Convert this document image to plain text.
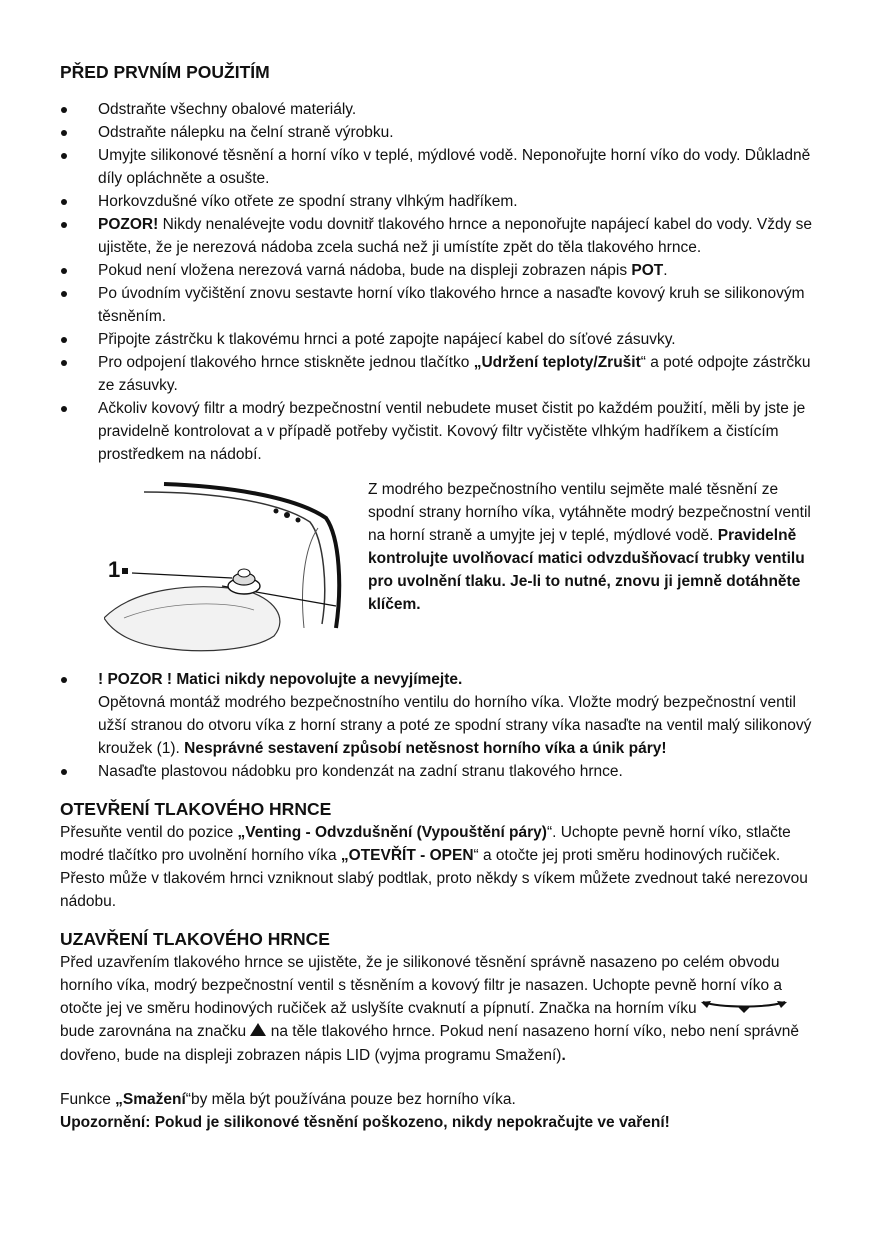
PŘED PRVNÍM POUŽITÍM
Odstraňte všechny obalové materiály.
Odstraňte nálepku na čelní straně výrobku.
Umyjte silikonové těsnění a horní víko v teplé, mýdlové vodě. Neponořujte horní víko do vody. Důkladně díly opláchněte a osušte.
Horkovzdušné víko otřete ze spodní strany vlhkým hadříkem.
POZOR! Nikdy nenalévejte vodu dovnitř tlakového hrnce a neponořujte napájecí kabel do vody. Vždy se ujistěte, že je nerezová nádoba zcela suchá než ji umístíte zpět do těla tlakového hrnce.
Pokud není vložena nerezová varná nádoba, bude na displeji zobrazen nápis POT.
Po úvodním vyčištění znovu sestavte horní víko tlakového hrnce a nasaďte kovový kruh se silikonovým těsněním.
Připojte zástrčku k tlakovému hrnci a poté zapojte napájecí kabel do síťové zásuvky.
Pro odpojení tlakového hrnce stiskněte jednou tlačítko „Udržení teploty/Zrušit“ a poté odpojte zástrčku ze zásuvky.
Ačkoliv kovový filtr a modrý bezpečnostní ventil nebudete muset čistit po každém použití, měli by jste je pravidelně kontrolovat a v případě potřeby vyčistit. Kovový filtr vyčistěte vlhkým hadříkem a čistícím prostředkem na nádobí.
1
Z modrého bezpečnostního ventilu sejměte malé těsnění ze spodní strany horního víka, vytáhněte modrý bezpečnostní ventil na horní straně a umyjte jej v teplé, mýdlové vodě. Pravidelně kontrolujte uvolňovací matici odvzdušňovací trubky ventilu pro uvolnění tlaku. Je-li to nutné, znovu ji jemně dotáhněte klíčem.
! POZOR ! Matici nikdy nepovolujte a nevyjímejte.
Opětovná montáž modrého bezpečnostního ventilu do horního víka. Vložte modrý bezpečnostní ventil užší stranou do otvoru víka z horní strany a poté ze spodní strany víka nasaďte na ventil malý silikonový kroužek (1). Nesprávné sestavení způsobí netěsnost horního víka a únik páry!
Nasaďte plastovou nádobku pro kondenzát na zadní stranu tlakového hrnce.
OTEVŘENÍ TLAKOVÉHO HRNCE

Přesuňte ventil do pozice „Venting - Odvzdušnění (Vypouštění páry)“. Uchopte pevně horní víko, stlačte modré tlačítko pro uvolnění horního víka „OTEVŘÍT - OPEN“ a otočte jej proti směru hodinových ručiček. Přesto může v tlakovém hrnci vzniknout slabý podtlak, proto někdy s víkem můžete zvednout také nerezovou nádobu.

UZAVŘENÍ TLAKOVÉHO HRNCE

Před uzavřením tlakového hrnce se ujistěte, že je silikonové těsnění správně nasazeno po celém obvodu horního víka, modrý bezpečnostní ventil s těsněním a kovový filtr je nasazen. Uchopte pevně horní víko a otočte jej ve směru hodinových ručiček až uslyšíte cvaknutí a pípnutí. Značka na horním víku  bude zarovnána na značku  na těle tlakového hrnce. Pokud není nasazeno horní víko, nebo není správně dovřeno, bude na displeji zobrazen nápis LID (vyjma programu Smažení).

Funkce „Smažení“by měla být používána pouze bez horního víka.

Upozornění: Pokud je silikonové těsnění poškozeno, nikdy nepokračujte ve vaření!
